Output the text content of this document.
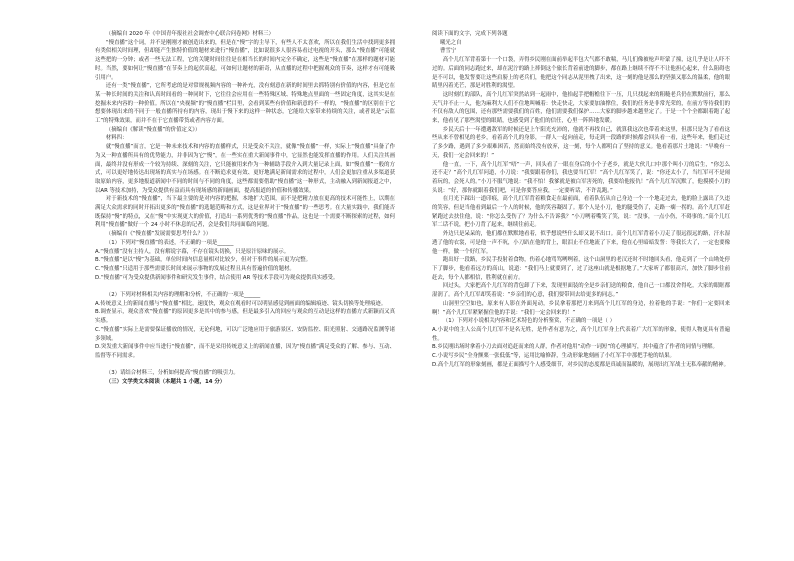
（摘编自 2020 年《中国青年报社社会调查中心联合问卷网》材料三）

“慢直播”这个词，并不是刚刚才被创造出来的，但是在“慢”字的主导下，有些人不太喜欢，所以在我们生活中找到更多拥有类似相关时间理，但却能产生独特价值的题材来进行“慢直播”，比如说很多人很容易看过电视的开头，那么“慢直播”可能就这些把的一分钟；或者一些无法工程，它的关键时间往往是在相当长的时间内完全不确定，这些是“慢直播”在那样的题材可能时。当然，要如何让“慢直播”在节奏上的起伏高起，可如何让题材的新奇，从直播的过程中把握观众的节奏，这样才有可能吸引用户。

还有一类“慢直播”，它所考虑的是对常规视频内容的一种补充，没有刻意在新的时间里去抓特别有价值的内容，但是它在某一种长时间的关注和认真时间看的一种同时下，它往往会应用在一些特殊区域、特殊地点里面的一些固定角度，这其实是在挖掘未来内容的一种价值。所以在“央视频”的“慢直播”栏目里，会看到某些有价值和新意的不一样的，“慢直播”的区别在于它想要体现出来的不同于一般直播所持有的内容，现出于慢下来的这样一种状态，它能给大家带来持续的关注，或者说是“云监工”的特殊效果，而并不在于它直播带货或者内容方面。

（摘编自《解读“慢直播”的价值定义》）

材料四：

就“慢直播”而言，它是一种未来技术和内容的直播样式，只是受众不关注，就像“慢直播”一样，实际上“慢直播”具备了作为又一种直播所具有的优势能力，并非因为它“慢”，在一些实在重大新闻事件中，它显然也能发挥直播的作用。人们关注其画面，最终并没有形成一个较为持续、深刻的关注，它只能被用来作为一种辅助手段介入到大量记录上面，如“慢直播”一般的方式，可以更好地传达出现场的真实与在场感。在不断追求更有效、更好地满足新闻需求的过程中，人们会更加注重从多渠道获取原始内容，更多地报道新闻中不同的时间与不同的角度，这些都需要借助“慢直播”这一种形式，主动融入到新闻报道之中，以AR 等技术加持，为受众提供有益而具有现场感的新闻画面，提高报道的价值和传播效果。

对于新技术的“慢直播”，当下最主要的是对内容的把握，本地扩大范围，而不是把精力放在更高的技术可能性上，以期在满足大众需求的同时开拓出更多的“慢直播”的选题范畴和方式，这是业界对于“慢直播”的一些思考。在大量实践中，我们能否既保持“慢”的特点，又在“慢”中实现更大的价值，打造出一系列优秀的“慢直播”作品，这也是一个需要不断探索的过程，如何利用“慢直播”做好一个 24 小时不休息的记者，会是我们共同面临的问题。

（摘编自《“慢直播”发展需要思考什么？》）

（1）下列对“慢直播”的表述，不正确的一项是______

A.“慢直播”没有主持人，没有解说字幕，不存在镜头切换，只是原汁原味的展示。

B.“慢直播”是以“慢”为基础，单位时间内信息量相对比较少，但对于事件的展示更为完整。

C.“慢直播”只适用于那些需要长时间来展示事物的发展过程且具有普遍价值的题材。

D.“慢直播”可为受众提供新闻事件和研究发生事件，结合使用 AR 等技术手段可为观众提供真实感受。

（2）下列对材料相关内容的理解和分析，不正确的一项是______

A.传统意义上的新闻直播与“慢直播”相比，速度快，观众在观看时可以明显感觉到画面的编辑痕迹、镜头切换等处理痕迹。

B.调查显示，观众喜欢“慢直播”的原因更多是其中的参与感，但是最多引入的回应与观众的互动是这样的直播方式新颖而又真实感。

C.“慢直播”实际上是需要保证播放的情况，无论何地，可以广泛地应用于旅游景区、安防监控、阳光照射、交通路况监测等诸多领域。

D.突发重大新闻事件中应当进行“慢直播”，而不是采用传统意义上的新闻直播，因为“慢直播”满足受众的了解、参与、互动、监督等不同需求。

（3）请结合材料三，分析如何提高“慢直播”的吸引力。

（三）文学类文本阅读（本题共 1 小题，14 分）

阅读下面的文字，完成下列各题

曦光之自

曹雪宁

高个儿红军背着第十一个口袋，弄得乡民刚在面前举起半包大气都不敢喘，马儿们像被枪声吓蒙了撞，这几乎是让人吓不过的。后面的同志跑过来，却在泥泞的路上摔倒这个旅长背着前进的脚步，都在路上继续不得不不让他担心起来，什么阻碍也是不可以，他发誓要让这些肩膀上的老兵们，他把这个同志从泥里拽了出来，这一刻的他是那么的坚强又那么的温柔，他的眼睛里闪着光芒，那是对胜利的渴望。

这时刻红的部队，高个儿红军突然站到一起雨中，他抬起手把帽檐往下一压，几只找起来的粗糙老兵仍在默默前行，那么天气并不止一人，他为麻利大人们不住地叫喊着：快走快走，大家要加油撑住，我们的任务是非常光荣的，在前方等待我们的不仅有敌人的包围，还有那些需要我们的百姓，他们需要我们保护……大家的脚步越来越坚定了。于是一个个全都跟着跑了起来，他看见了那些渴望的眼睛，也感受到了他们的信任，心里一阵阵地发暖。

乡民天后十一年遭遇敌军的时候还是上午阳光充沛的，他就不再找自己，就算我这次也带着来这里，但那只是为了看看这些从来不曾相见的老乡，看着高个儿的身影，一群人一起向前走，每走到一段路的时候都会回头看一看，这些年来，他们走过了多少路，遇到了多少艰难困苦，然而始终没有放弃，这一刻，每个人都明白了坚持的意义。他看着那片土地说：“早晚有一天，我们一定会回来的！”

他一直，一下，高个儿红军“唔”一声，回头看了一眼在身后的小个子老乡，就是大伙儿口中那个叫小刀的后生，“你怎么还不走？”高个儿红军问道，小刀说：“我要跟着你们，我也要当红军！”高个儿红军笑了，说：“你还太小了，当红军可不是闹着玩的，会死人的。”小刀不服气地说：“我不怕！我爹就是被白军害死的，我要给他报仇！”高个儿红军沉默了，他摸摸小刀的头说：“好，那你就跟着我们吧，可是你要答应我，一定要听话，不许乱跑。”

在月光下踩出一道印痕，高个儿红军背着粮食走在最前面，看着队伍从自己身边一个一个地走过去，他的脸上露出了久违的笑容，但是当他看到最后一个人的时候，他的笑容凝固了。那个人是小刀，他的腿受伤了，走路一瘸一拐的。高个儿红军赶紧跑过去扶住他，说：“你怎么受伤了？为什么不告诉我？”小刀咧着嘴笑了笑，说：“没事，一点小伤，不碍事的。”高个儿红军二话不说，把小刀背了起来，继续往前走。

外边只是呆呆的，他们都在默默地看着，似乎想说些什么却又说不出口。高个儿红军背着小刀走了很远很远的路，汗水湿透了他的衣裳，可是他一声不吭，小刀趴在他的背上，眼泪止不住地流了下来，他在心里暗暗发誓：等我长大了，一定也要像他一样，做一个好红军。

跑出好一段路，乡民手投射着食物，伤着心地骂骂咧咧着，这个山洞里的老汉还时不时地回头看，他走到了一个山坳处停下了脚步，他看着远方的高山，说道：“我们马上就要到了，过了这座山就是根据地了。”大家听了都很高兴，加快了脚步往前赶去，每个人都相信，胜利就在前方。

回过头，大家把高个儿红军的背包卸了下来，发现里面装的全是乡亲们送的粮食，他自己一口都没舍得吃，大家的眼眶都湿润了。高个儿红军却笑着说：“乡亲们的心意，我们要带回去给更多的同志。”

山洞里空空如也，原来有人影在外面晃动，乡民拿着那把刀来到高个儿红军的身边，拉着他的手说：“你们一定要回来啊！”高个儿红军紧紧握住他的手说：“我们一定会回来的！”

（1）下列对小说相关内容和艺术特色的分析鉴赏，不正确的一项是（ ）

A.小说中的主人公高个儿红军不是名无姓，是作者有意为之，高个儿红军身上代表着广大红军的形象，使得人物更具有普遍性。

B.乡民刚出场时拿着小刀去面对追赶而来的人群，作者对他用“动作一词短”的心理描写，其中蕴含了作者的同情与理解。

C.小说写乡民“全身颤栗一张低低”等，运用比喻修辞，生动形象地刻画了小红军手中那把手枪的结果。

D.高个儿红军的形象刻画，都是正面描写个人感受细节，对乡民的态度都是真诚而温暖的，展现出红军战士无私奉献的精神。
